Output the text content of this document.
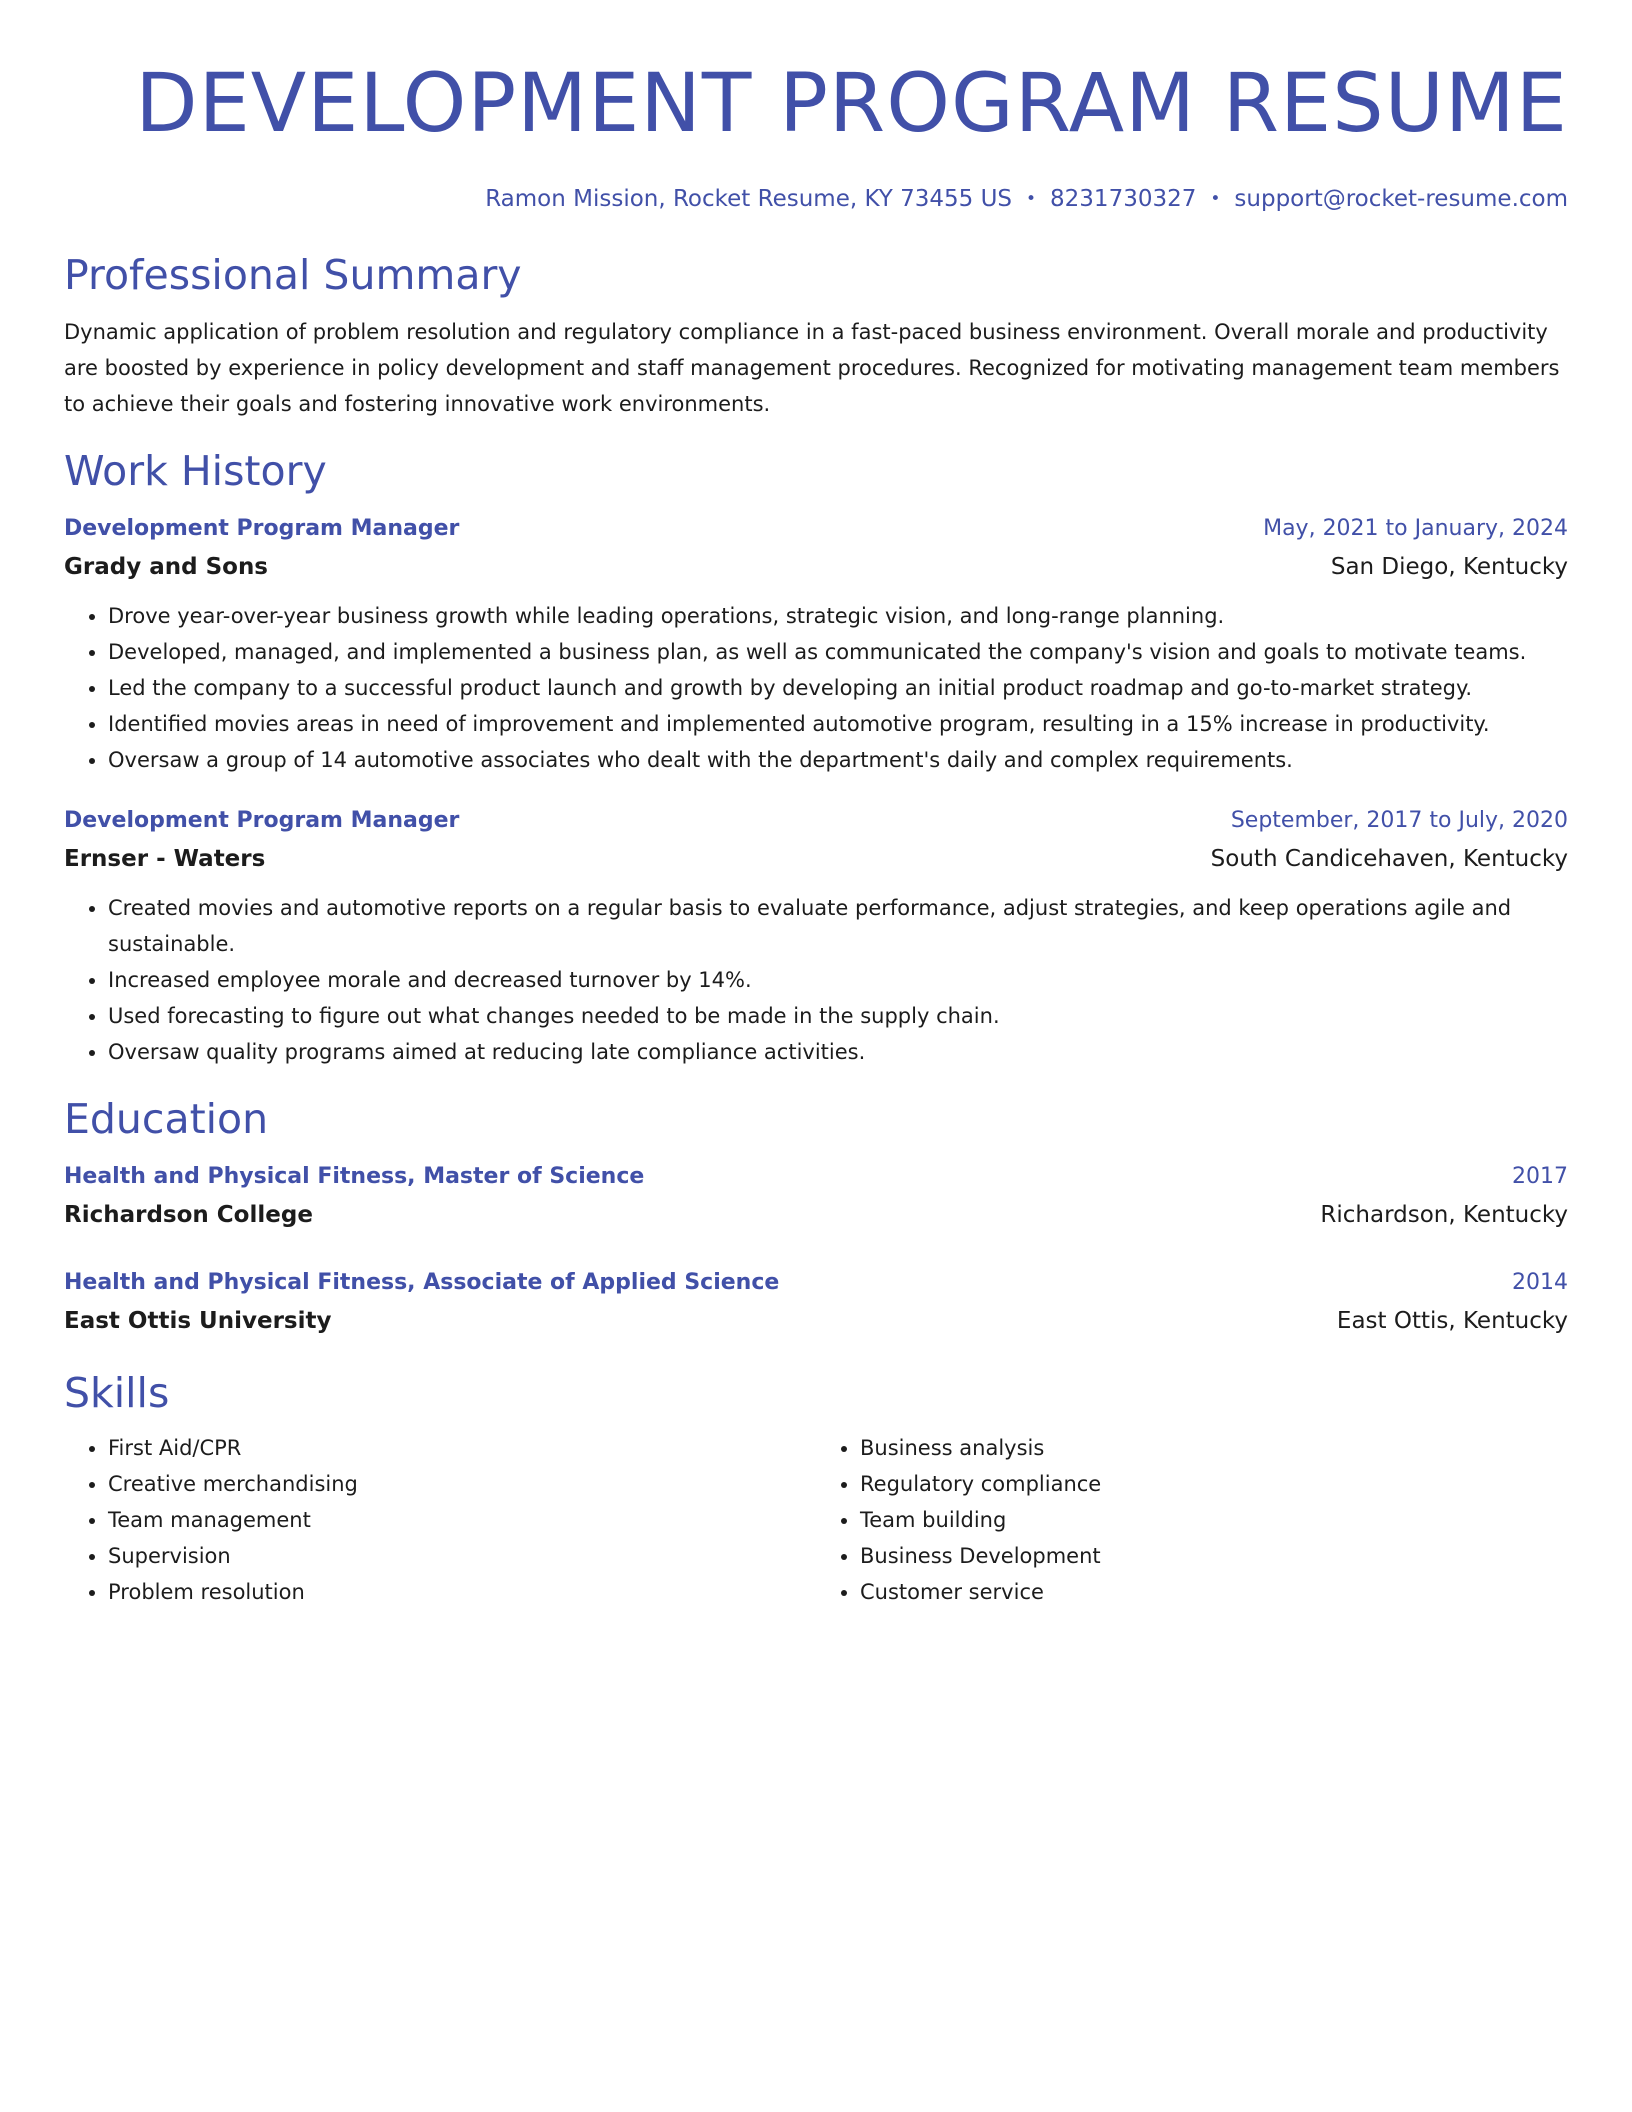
DEVELOPMENT PROGRAM RESUME
Ramon Mission, Rocket Resume, KY 73455 US • 8231730327 • support@rocket-resume.com
Professional Summary

Dynamic application of problem resolution and regulatory compliance in a fast-paced business environment. Overall morale and productivity are boosted by experience in policy development and staff management procedures. Recognized for motivating management team members to achieve their goals and fostering innovative work environments.

Work History
Development Program Manager	May, 2021 to January, 2024
Grady and Sons	San Diego, Kentucky
• Drove year-over-year business growth while leading operations, strategic vision, and long-range planning.
• Developed, managed, and implemented a business plan, as well as communicated the company's vision and goals to motivate teams.
• Led the company to a successful product launch and growth by developing an initial product roadmap and go-to-market strategy.
• Identified movies areas in need of improvement and implemented automotive program, resulting in a 15% increase in productivity.
• Oversaw a group of 14 automotive associates who dealt with the department's daily and complex requirements.
Development Program Manager	September, 2017 to July, 2020
Ernser - Waters	South Candicehaven, Kentucky
• Created movies and automotive reports on a regular basis to evaluate performance, adjust strategies, and keep operations agile and sustainable.
• Increased employee morale and decreased turnover by 14%.
• Used forecasting to figure out what changes needed to be made in the supply chain.
• Oversaw quality programs aimed at reducing late compliance activities.
Education
Health and Physical Fitness, Master of Science	2017
Richardson College	Richardson, Kentucky
Health and Physical Fitness, Associate of Applied Science	2014
East Ottis University	East Ottis, Kentucky
Skills
• First Aid/CPR
• Creative merchandising
• Team management
• Supervision
• Problem resolution
• Business analysis
• Regulatory compliance
• Team building
• Business Development
• Customer service
